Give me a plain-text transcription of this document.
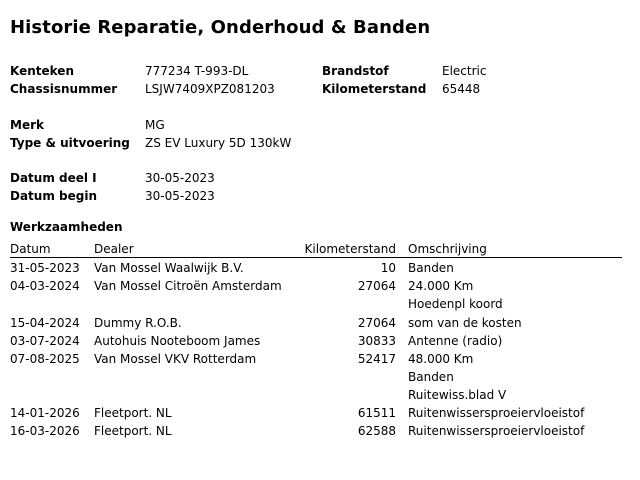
Historie Reparatie, Onderhoud & Banden
Kenteken	777234 T-993-DL	Brandstof	Electric
Chassisnummer LSJW7409XPZ081203	Kilometerstand 65448
Merk	MG
Type & uitvoering ZS EV Luxury 5D 130kW
Datum deel I	30-05-2023
Datum begin	30-05-2023
Werkzaamheden
Datum	Dealer	Kilometerstand Omschrijving
31-05-2023 Van Mossel Waalwijk B.V.	10 Banden
04-03-2024 Van Mossel Citroën Amsterdam	27064 24.000 Km
Hoedenpl koord
15-04-2024 Dummy R.O.B.	27064 som van de kosten
03-07-2024 Autohuis Nooteboom James	30833 Antenne (radio)
07-08-2025 Van Mossel VKV Rotterdam	52417 48.000 Km
Banden
Ruitewiss.blad V
14-01-2026 Fleetport. NL	61511 Ruitenwissersproeiervloeistof
16-03-2026 Fleetport. NL	62588 Ruitenwissersproeiervloeistof
